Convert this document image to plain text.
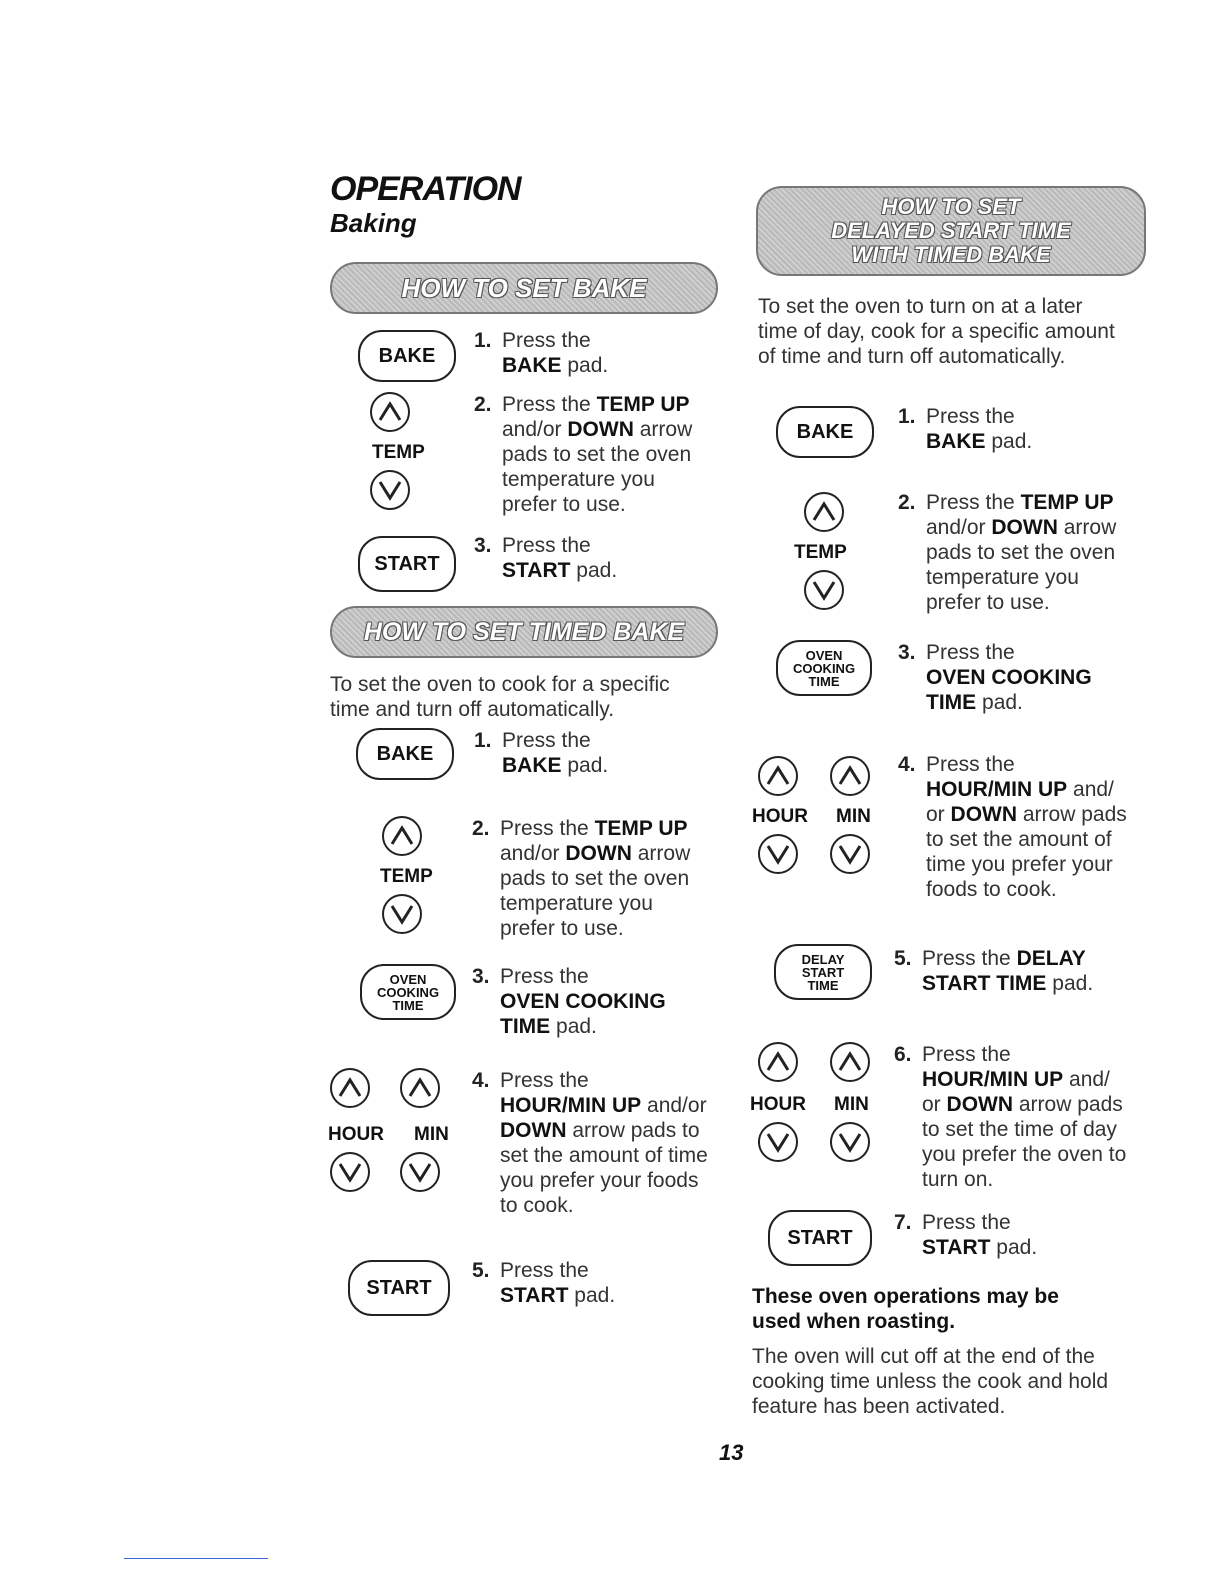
OPERATION
Baking
HOW TO SET BAKE
BAKE
1. Press the
BAKE pad.
TEMP
2. Press the TEMP UP and/or DOWN arrow pads to set the oven temperature you prefer to use.
START
3. Press the
START pad.
HOW TO SET TIMED BAKE

To set the oven to cook for a specific time and turn off automatically.

BAKE
1. Press the
BAKE pad.
TEMP
2. Press the TEMP UP and/or DOWN arrow pads to set the oven temperature you prefer to use.
OVEN
COOKING
TIME
3. Press the
OVEN COOKING TIME pad.
HOUR MIN
4. Press the
HOUR/MIN UP and/or DOWN arrow pads to set the amount of time you prefer your foods to cook.
START
5. Press the
START pad.
HOW TO SET
DELAYED START TIME
WITH TIMED BAKE

To set the oven to turn on at a later time of day, cook for a specific amount of time and turn off automatically.

BAKE
1. Press the
BAKE pad.
TEMP
2. Press the TEMP UP and/or DOWN arrow pads to set the oven temperature you prefer to use.
OVEN
COOKING
TIME
3. Press the
OVEN COOKING TIME pad.
HOUR MIN
4. Press the
HOUR/MIN UP and/ or DOWN arrow pads to set the amount of time you prefer your foods to cook.
DELAY
START
TIME
5. Press the DELAY START TIME pad.
HOUR MIN
6. Press the
HOUR/MIN UP and/ or DOWN arrow pads to set the time of day you prefer the oven to turn on.
START
7. Press the
START pad.

These oven operations may be used when roasting.

The oven will cut off at the end of the cooking time unless the cook and hold feature has been activated.

13
